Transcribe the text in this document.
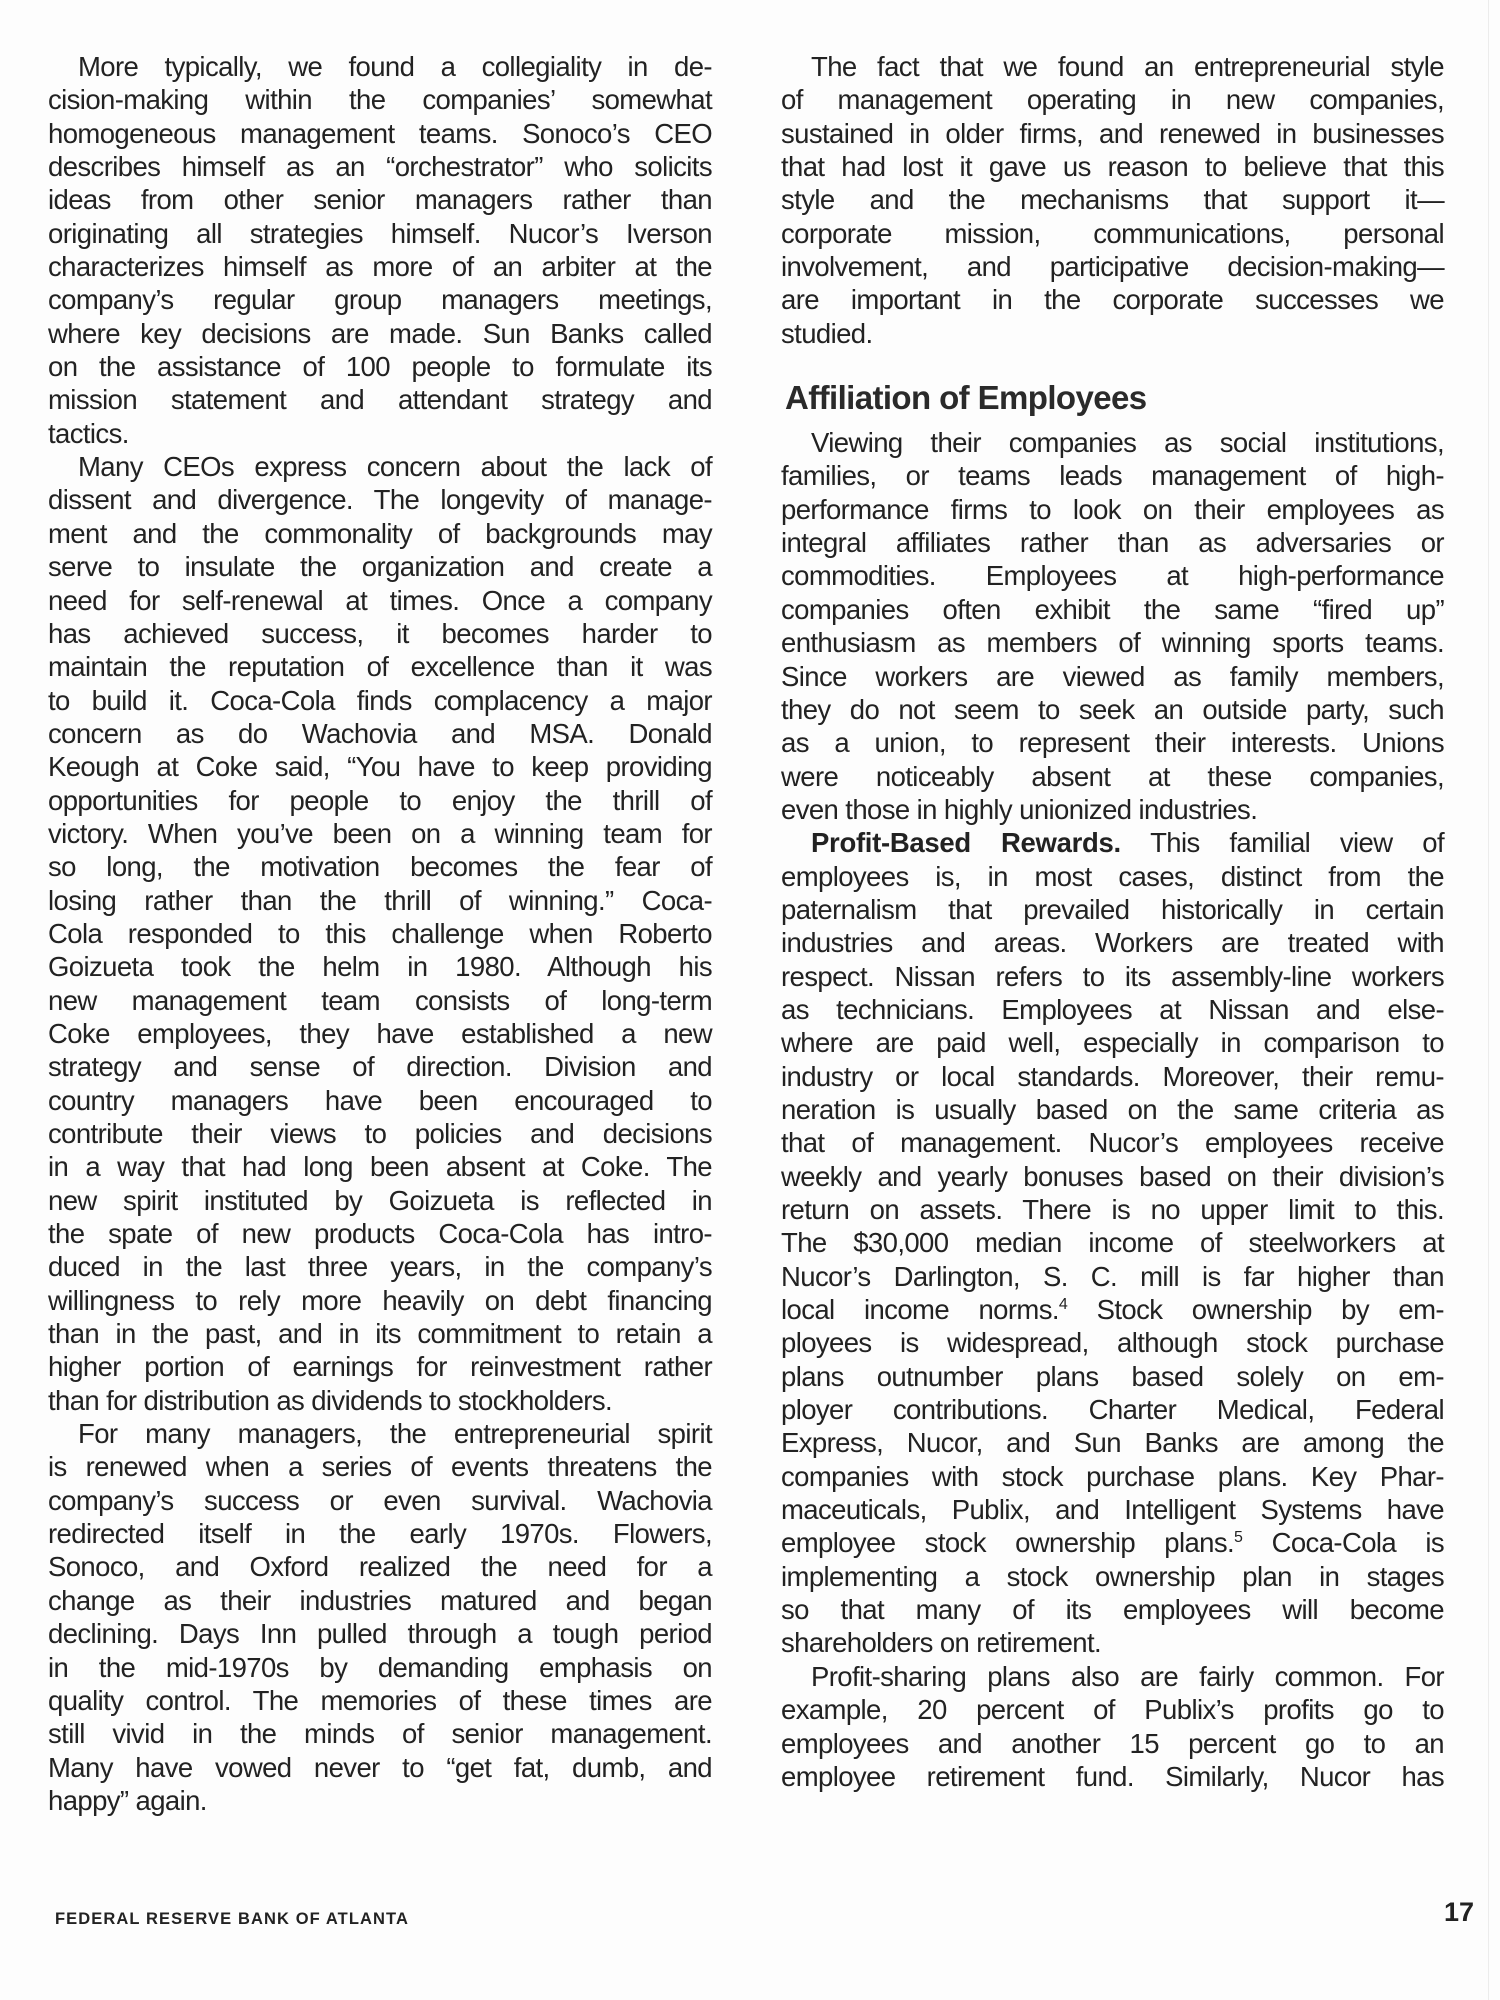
More typically, we found a collegiality in de-
cision-making within the companies’ somewhat
homogeneous management teams. Sonoco’s CEO
describes himself as an “orchestrator” who solicits
ideas from other senior managers rather than
originating all strategies himself. Nucor’s Iverson
characterizes himself as more of an arbiter at the
company’s regular group managers meetings,
where key decisions are made. Sun Banks called
on the assistance of 100 people to formulate its
mission statement and attendant strategy and
tactics.
Many CEOs express concern about the lack of
dissent and divergence. The longevity of manage-
ment and the commonality of backgrounds may
serve to insulate the organization and create a
need for self-renewal at times. Once a company
has achieved success, it becomes harder to
maintain the reputation of excellence than it was
to build it. Coca-Cola finds complacency a major
concern as do Wachovia and MSA. Donald
Keough at Coke said, “You have to keep providing
opportunities for people to enjoy the thrill of
victory. When you’ve been on a winning team for
so long, the motivation becomes the fear of
losing rather than the thrill of winning.” Coca-
Cola responded to this challenge when Roberto
Goizueta took the helm in 1980. Although his
new management team consists of long-term
Coke employees, they have established a new
strategy and sense of direction. Division and
country managers have been encouraged to
contribute their views to policies and decisions
in a way that had long been absent at Coke. The
new spirit instituted by Goizueta is reflected in
the spate of new products Coca-Cola has intro-
duced in the last three years, in the company’s
willingness to rely more heavily on debt financing
than in the past, and in its commitment to retain a
higher portion of earnings for reinvestment rather
than for distribution as dividends to stockholders.
For many managers, the entrepreneurial spirit
is renewed when a series of events threatens the
company’s success or even survival. Wachovia
redirected itself in the early 1970s. Flowers,
Sonoco, and Oxford realized the need for a
change as their industries matured and began
declining. Days Inn pulled through a tough period
in the mid-1970s by demanding emphasis on
quality control. The memories of these times are
still vivid in the minds of senior management.
Many have vowed never to “get fat, dumb, and
happy” again.
The fact that we found an entrepreneurial style
of management operating in new companies,
sustained in older firms, and renewed in businesses
that had lost it gave us reason to believe that this
style and the mechanisms that support it—
corporate mission, communications, personal
involvement, and participative decision-making—
are important in the corporate successes we
studied.
Affiliation of Employees
Viewing their companies as social institutions,
families, or teams leads management of high-
performance firms to look on their employees as
integral affiliates rather than as adversaries or
commodities. Employees at high-performance
companies often exhibit the same “fired up”
enthusiasm as members of winning sports teams.
Since workers are viewed as family members,
they do not seem to seek an outside party, such
as a union, to represent their interests. Unions
were noticeably absent at these companies,
even those in highly unionized industries.
Profit-Based Rewards. This familial view of
employees is, in most cases, distinct from the
paternalism that prevailed historically in certain
industries and areas. Workers are treated with
respect. Nissan refers to its assembly-line workers
as technicians. Employees at Nissan and else-
where are paid well, especially in comparison to
industry or local standards. Moreover, their remu-
neration is usually based on the same criteria as
that of management. Nucor’s employees receive
weekly and yearly bonuses based on their division’s
return on assets. There is no upper limit to this.
The $30,000 median income of steelworkers at
Nucor’s Darlington, S. C. mill is far higher than
local income norms.$^4$ Stock ownership by em-
ployees is widespread, although stock purchase
plans outnumber plans based solely on em-
ployer contributions. Charter Medical, Federal
Express, Nucor, and Sun Banks are among the
companies with stock purchase plans. Key Phar-
maceuticals, Publix, and Intelligent Systems have
employee stock ownership plans.$^5$ Coca-Cola is
implementing a stock ownership plan in stages
so that many of its employees will become
shareholders on retirement.
Profit-sharing plans also are fairly common. For
example, 20 percent of Publix’s profits go to
employees and another 15 percent go to an
employee retirement fund. Similarly, Nucor has
FEDERAL RESERVE BANK OF ATLANTA	17
